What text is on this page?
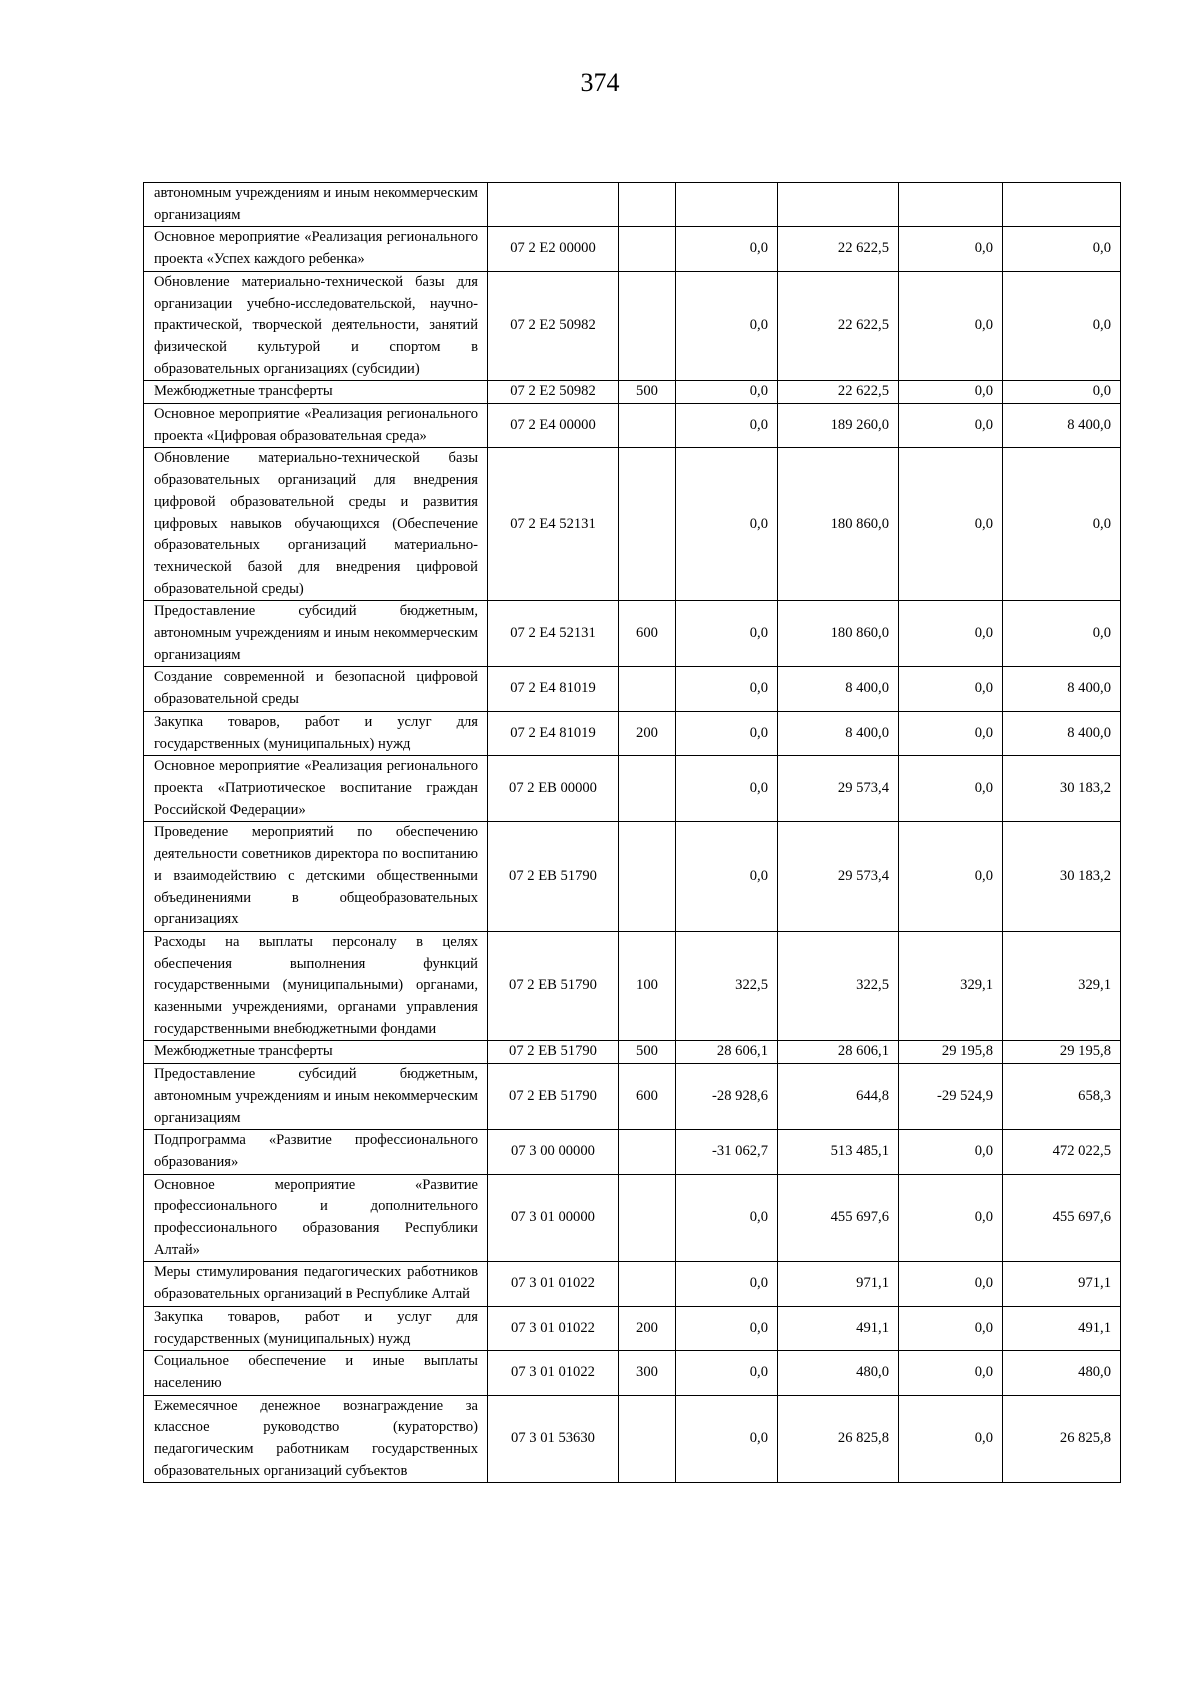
374
автономным учреждениям и иным некоммерческим организациям						
Основное мероприятие «Реализация регионального проекта «Успех каждого ребенка»	07 2 E2 00000		0,0	22 622,5	0,0	0,0
Обновление материально-технической базы для организации учебно-исследовательской, научно-практической, творческой деятельности, занятий физической культурой и спортом в образовательных организациях (субсидии)	07 2 E2 50982		0,0	22 622,5	0,0	0,0
Межбюджетные трансферты	07 2 E2 50982	500	0,0	22 622,5	0,0	0,0
Основное мероприятие «Реализация регионального проекта «Цифровая образовательная среда»	07 2 E4 00000		0,0	189 260,0	0,0	8 400,0
Обновление материально-технической базы образовательных организаций для внедрения цифровой образовательной среды и развития цифровых навыков обучающихся (Обеспечение образовательных организаций материально-технической базой для внедрения цифровой образовательной среды)	07 2 E4 52131		0,0	180 860,0	0,0	0,0
Предоставление субсидий бюджетным, автономным учреждениям и иным некоммерческим организациям	07 2 E4 52131	600	0,0	180 860,0	0,0	0,0
Создание современной и безопасной цифровой образовательной среды	07 2 E4 81019		0,0	8 400,0	0,0	8 400,0
Закупка товаров, работ и услуг для государственных (муниципальных) нужд	07 2 E4 81019	200	0,0	8 400,0	0,0	8 400,0
Основное мероприятие «Реализация регионального проекта «Патриотическое воспитание граждан Российской Федерации»	07 2 EB 00000		0,0	29 573,4	0,0	30 183,2
Проведение мероприятий по обеспечению деятельности советников директора по воспитанию и взаимодействию с детскими общественными объединениями в общеобразовательных организациях	07 2 EB 51790		0,0	29 573,4	0,0	30 183,2
Расходы на выплаты персоналу в целях обеспечения выполнения функций государственными (муниципальными) органами, казенными учреждениями, органами управления государственными внебюджетными фондами	07 2 EB 51790	100	322,5	322,5	329,1	329,1
Межбюджетные трансферты	07 2 EB 51790	500	28 606,1	28 606,1	29 195,8	29 195,8
Предоставление субсидий бюджетным, автономным учреждениям и иным некоммерческим организациям	07 2 EB 51790	600	-28 928,6	644,8	-29 524,9	658,3
Подпрограмма «Развитие профессионального образования»	07 3 00 00000		-31 062,7	513 485,1	0,0	472 022,5
Основное мероприятие «Развитие профессионального и дополнительного профессионального образования Республики Алтай»	07 3 01 00000		0,0	455 697,6	0,0	455 697,6
Меры стимулирования педагогических работников образовательных организаций в Республике Алтай	07 3 01 01022		0,0	971,1	0,0	971,1
Закупка товаров, работ и услуг для государственных (муниципальных) нужд	07 3 01 01022	200	0,0	491,1	0,0	491,1
Социальное обеспечение и иные выплаты населению	07 3 01 01022	300	0,0	480,0	0,0	480,0
Ежемесячное денежное вознаграждение за классное руководство (кураторство) педагогическим работникам государственных образовательных организаций субъектов	07 3 01 53630		0,0	26 825,8	0,0	26 825,8
